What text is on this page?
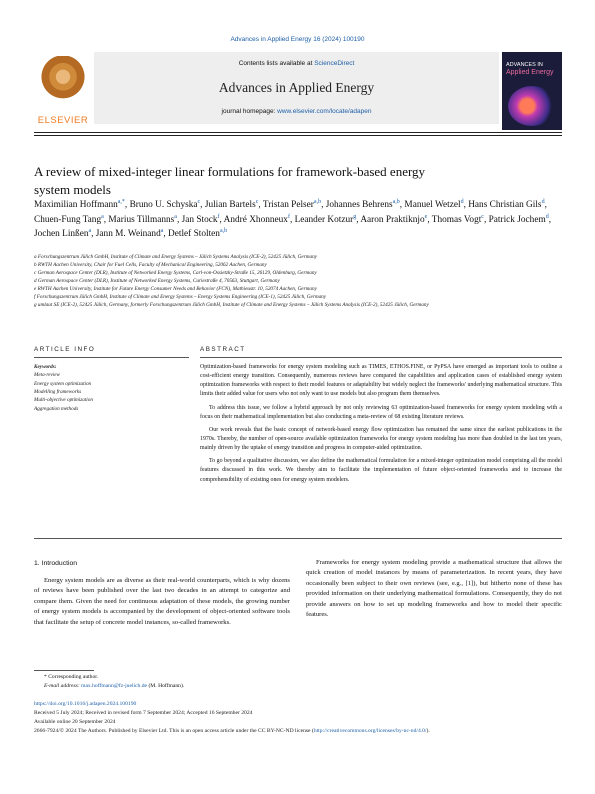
Advances in Applied Energy 16 (2024) 100190
ELSEVIER
Contents lists available at ScienceDirect
Advances in Applied Energy
journal homepage: www.elsevier.com/locate/adapen
ADVANCES IN
Applied Energy
A review of mixed-integer linear formulations for framework-based energy system models
Maximilian Hoffmann$^{a,*}$, Bruno U. Schyska$^c$, Julian Bartels$^c$, Tristan Pelser$^{a,b}$, Johannes Behrens$^{a,b}$, Manuel Wetzel$^d$, Hans Christian Gils$^d$, Chuen-Fung Tang$^a$, Marius Tillmanns$^a$, Jan Stock$^f$, André Xhonneux$^f$, Leander Kotzur$^g$, Aaron Praktiknjo$^e$, Thomas Vogt$^c$, Patrick Jochem$^d$, Jochen Linßen$^a$, Jann M. Weinand$^a$, Detlef Stolten$^{a,b}$
a Forschungszentrum Jülich GmbH, Institute of Climate and Energy Systems – Jülich Systems Analysis (ICE-2), 52425 Jülich, Germany
b RWTH Aachen University, Chair for Fuel Cells, Faculty of Mechanical Engineering, 52062 Aachen, Germany
c German Aerospace Center (DLR), Institute of Networked Energy Systems, Carl-von-Ossietzky-Straße 15, 26129, Oldenburg, Germany
d German Aerospace Center (DLR), Institute of Networked Energy Systems, Curiestraße 4, 70563, Stuttgart, Germany
e RWTH Aachen University, Institute for Future Energy Consumer Needs and Behavior (FCN), Mathieustr. 10, 52074 Aachen, Germany
f Forschungszentrum Jülich GmbH, Institute of Climate and Energy Systems – Energy Systems Engineering (ICE-1), 52425 Jülich, Germany
g umlaut SE (ICE-2), 52425 Jülich, Germany, formerly Forschungszentrum Jülich GmbH, Institute of Climate and Energy Systems – Jülich Systems Analysis (ICE-2), 52425 Jülich, Germany
ARTICLE INFO
Keywords:
Meta-review
Energy system optimization
Modelling frameworks
Multi-objective optimization
Aggregation methods
ABSTRACT

Optimization-based frameworks for energy system modeling such as TIMES, ETHOS.FINE, or PyPSA have emerged as important tools to outline a cost-efficient energy transition. Consequently, numerous reviews have compared the capabilities and application cases of established energy system optimization frameworks with respect to their model features or adaptability but widely neglect the frameworks' underlying mathematical structure. This limits their added value for users who not only want to use models but also program them themselves.

To address this issue, we follow a hybrid approach by not only reviewing 63 optimization-based frameworks for energy system modeling with a focus on their mathematical implementation but also conducting a meta-review of 68 existing literature reviews.

Our work reveals that the basic concept of network-based energy flow optimization has remained the same since the earliest publications in the 1970s. Thereby, the number of open-source available optimization frameworks for energy system modeling has more than doubled in the last ten years, mainly driven by the uptake of energy transition and progress in computer-aided optimization.

To go beyond a qualitative discussion, we also define the mathematical formulation for a mixed-integer optimization model comprising all the model features discussed in this work. We thereby aim to facilitate the implementation of future object-oriented frameworks and to increase the comprehensibility of existing ones for energy system modelers.

1. Introduction

Energy system models are as diverse as their real-world counterparts, which is why dozens of reviews have been published over the last two decades in an attempt to categorize and compare them. Given the need for continuous adaptation of these models, the growing number of energy system models is accompanied by the development of object-oriented software tools that facilitate the setup of concrete model instances, so-called frameworks.

Frameworks for energy system modeling provide a mathematical structure that allows the quick creation of model instances by means of parameterization. In recent years, they have occasionally been subject to their own reviews (see, e.g., [1]), but hitherto none of these has provided information on their underlying mathematical formulations. Consequently, they do not provide answers on how to set up modeling frameworks and how to model their specific features.

* Corresponding author.
E-mail address: max.hoffmann@fz-juelich.de (M. Hoffmann).
https://doi.org/10.1016/j.adapen.2024.100190
Received 5 July 2024; Received in revised form 7 September 2024; Accepted 16 September 2024
Available online 20 September 2024
2666-7924/© 2024 The Authors. Published by Elsevier Ltd. This is an open access article under the CC BY-NC-ND license (http://creativecommons.org/licenses/by-nc-nd/4.0/).
